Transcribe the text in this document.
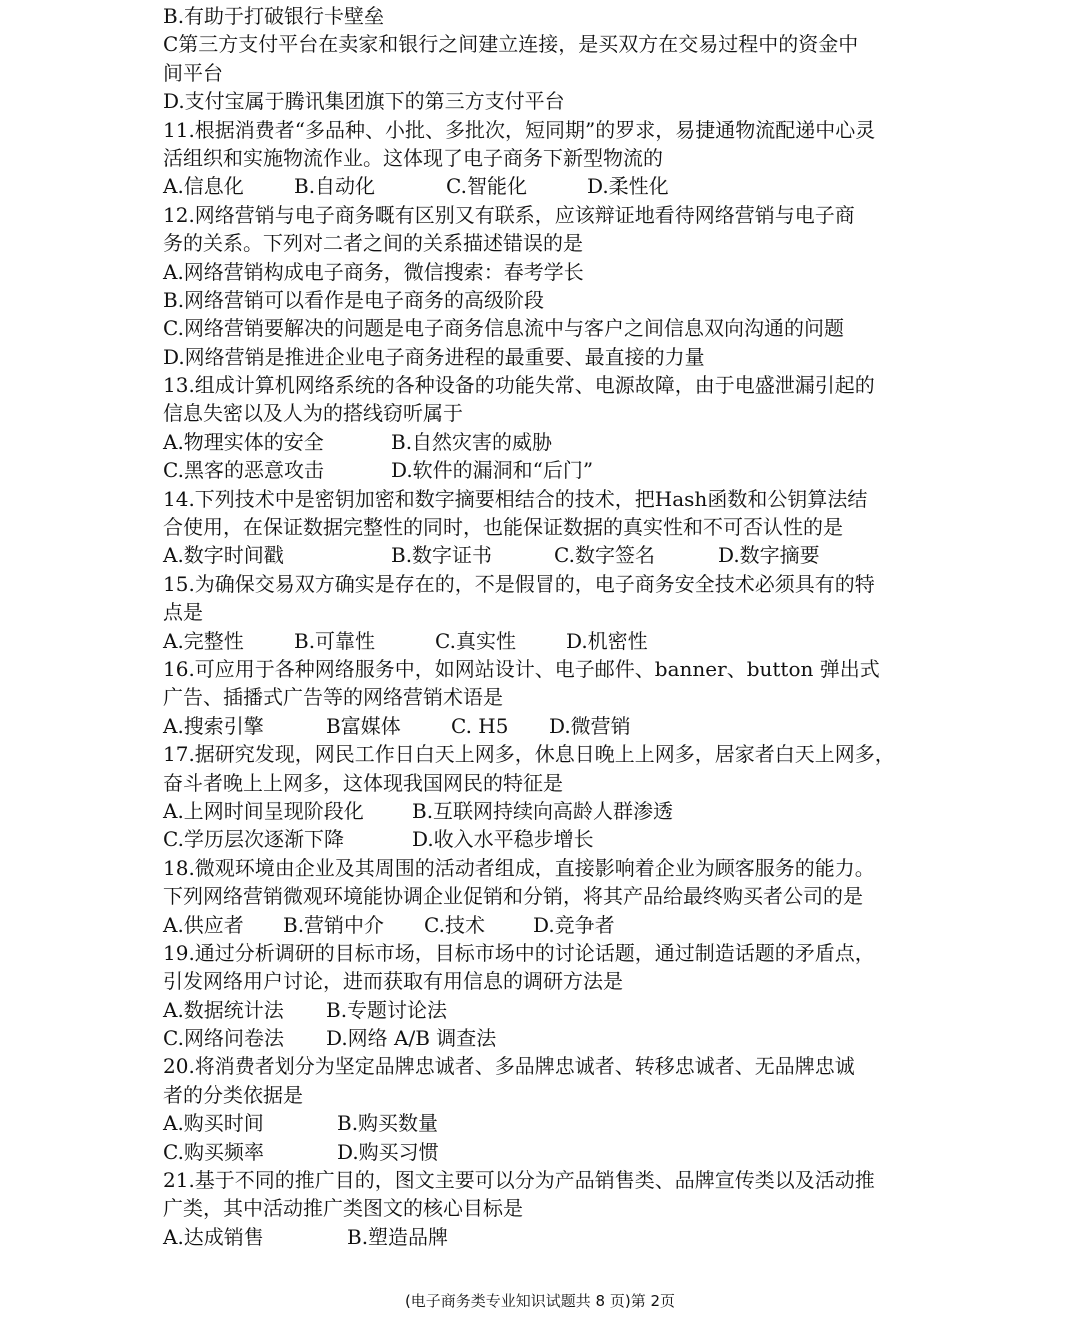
B.有助于打破银行卡壁垒
C第三方支付平台在卖家和银行之间建立连接，是买双方在交易过程中的资金中
间平台
D.支付宝属于腾讯集团旗下的第三方支付平台
11.根据消费者“多品种、小批、多批次，短同期”的罗求，易捷通物流配递中心灵
活组织和实施物流作业。这体现了电子商务下新型物流的
A.信息化	B.自动化	C.智能化	D.柔性化
12.网络营销与电子商务嘅有区别又有联系，应该辩证地看待网络营销与电子商
务的关系。下列对二者之间的关系描述错误的是
A.网络营销构成电子商务，微信搜索：春考学长
B.网络营销可以看作是电子商务的高级阶段
C.网络营销要解决的问题是电子商务信息流中与客户之间信息双向沟通的问题
D.网络营销是推进企业电子商务进程的最重要、最直接的力量
13.组成计算机网络系统的各种设备的功能失常、电源故障，由于电盛泄漏引起的
信息失密以及人为的搭线窃听属于
A.物理实体的安全	B.自然灾害的威胁
C.黑客的恶意攻击	D.软件的漏洞和“后门”
14.下列技术中是密钥加密和数字摘要相结合的技术，把Hash函数和公钥算法结
合使用，在保证数据完整性的同时，也能保证数据的真实性和不可否认性的是
A.数字时间戳	B.数字证书	C.数字签名	D.数字摘要
15.为确保交易双方确实是存在的，不是假冒的，电子商务安全技术必须具有的特
点是
A.完整性	B.可靠性	C.真实性	D.机密性
16.可应用于各种网络服务中，如网站设计、电子邮件、banner、button 弹出式
广告、插播式广告等的网络营销术语是
A.搜索引擎	B富媒体	C. H5	D.微营销
17.据研究发现，网民工作日白天上网多，休息日晚上上网多，居家者白天上网多，
奋斗者晚上上网多，这体现我国网民的特征是
A.上网时间呈现阶段化	B.互联网持续向高龄人群渗透
C.学历层次逐渐下降	D.收入水平稳步增长
18.微观环境由企业及其周围的活动者组成，直接影响着企业为顾客服务的能力。
下列网络营销微观环境能协调企业促销和分销，将其产品给最终购买者公司的是
A.供应者	B.营销中介	C.技术	D.竞争者
19.通过分析调研的目标市场，目标市场中的讨论话题，通过制造话题的矛盾点，
引发网络用户讨论，进而获取有用信息的调研方法是
A.数据统计法	B.专题讨论法
C.网络问卷法	D.网络 A/B 调查法
20.将消费者划分为坚定品牌忠诚者、多品牌忠诚者、转移忠诚者、无品牌忠诚
者的分类依据是
A.购买时间	B.购买数量
C.购买频率	D.购买习惯
21.基于不同的推广目的，图文主要可以分为产品销售类、品牌宣传类以及活动推
广类，其中活动推广类图文的核心目标是
A.达成销售	B.塑造品牌
(电子商务类专业知识试题共 8 页)第 2页
